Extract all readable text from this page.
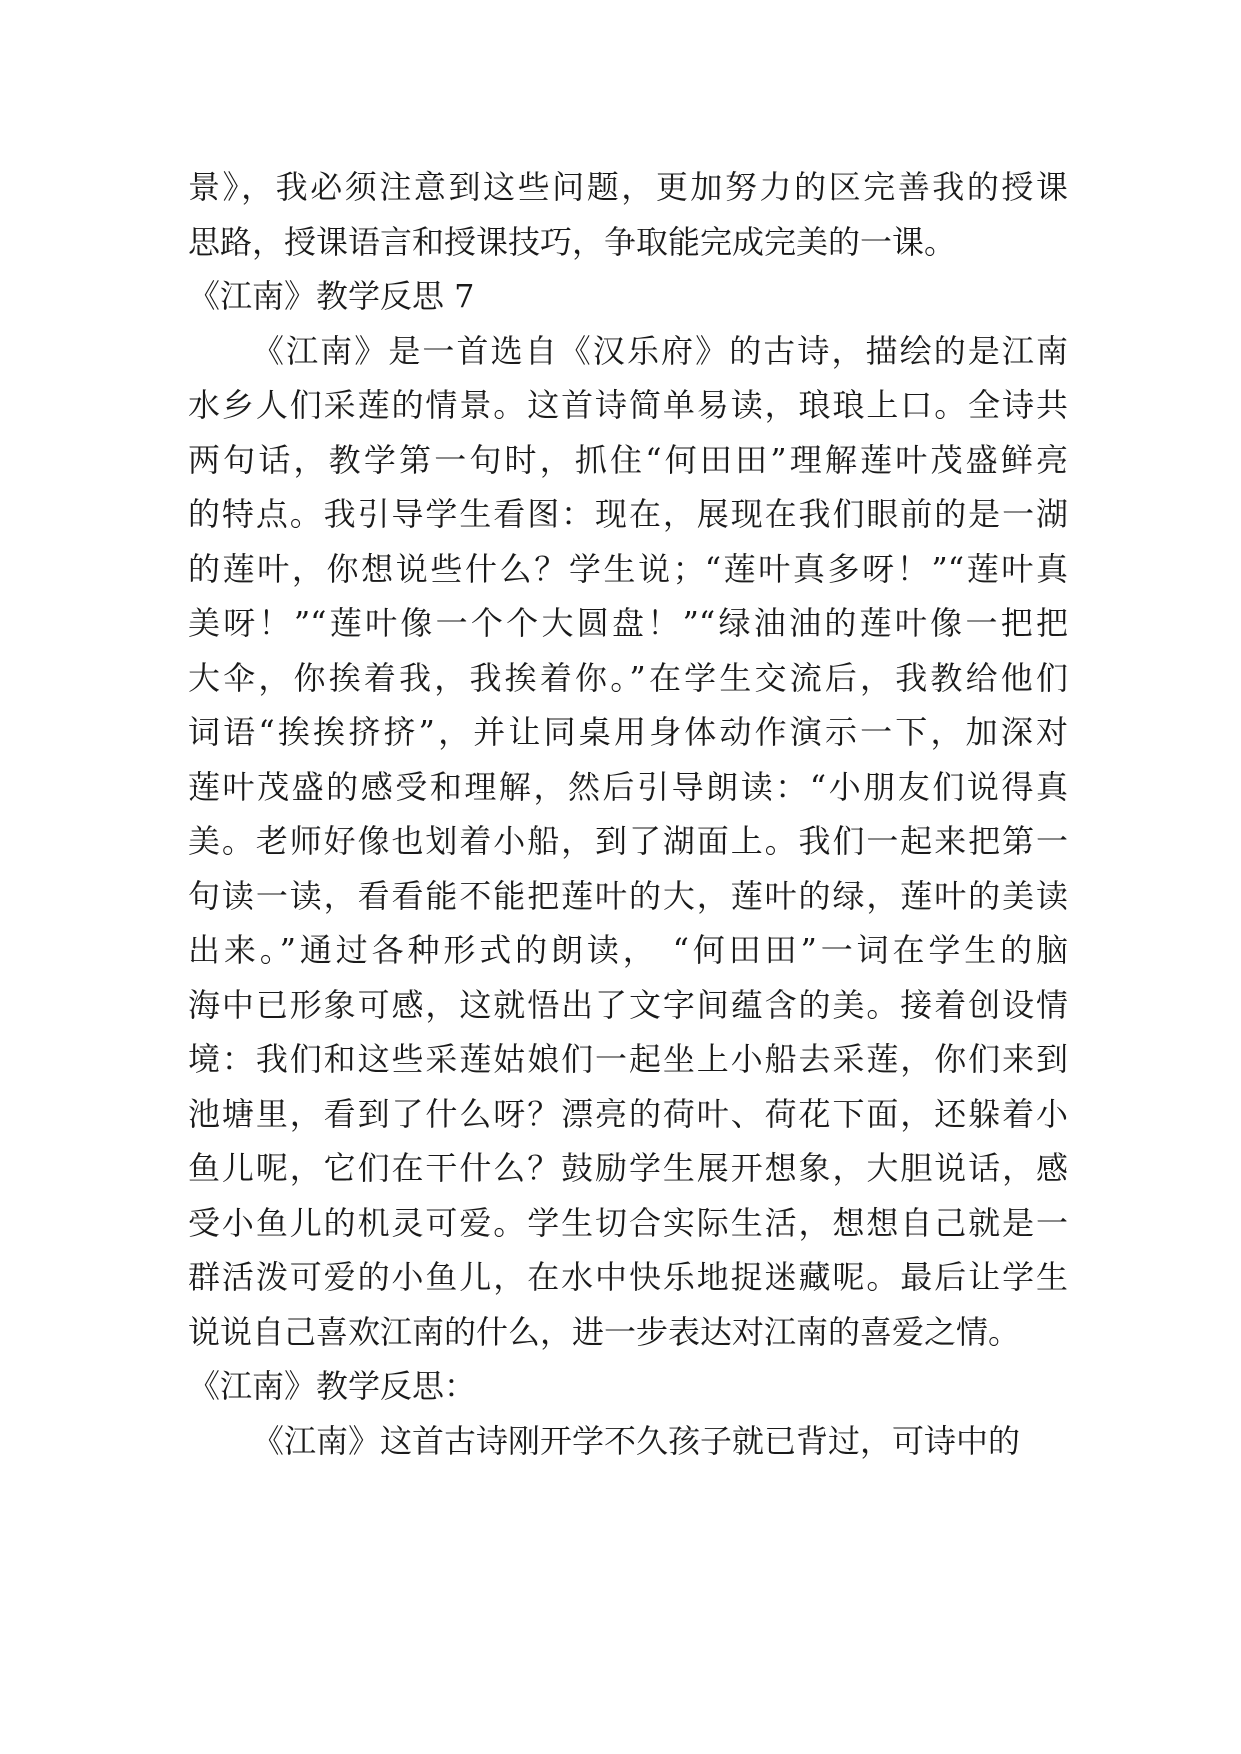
景》，我必须注意到这些问题，更加努力的区完善我的授课
思路，授课语言和授课技巧，争取能完成完美的一课。
《江南》教学反思 7
《江南》是一首选自《汉乐府》的古诗，描绘的是江南
水乡人们采莲的情景。这首诗简单易读，琅琅上口。全诗共
两句话，教学第一句时，抓住“何田田”理解莲叶茂盛鲜亮
的特点。我引导学生看图：现在，展现在我们眼前的是一湖
的莲叶，你想说些什么？学生说；“莲叶真多呀！”“莲叶真
美呀！”“莲叶像一个个大圆盘！”“绿油油的莲叶像一把把
大伞，你挨着我，我挨着你。”在学生交流后，我教给他们
词语“挨挨挤挤”，并让同桌用身体动作演示一下，加深对
莲叶茂盛的感受和理解，然后引导朗读：“小朋友们说得真
美。老师好像也划着小船，到了湖面上。我们一起来把第一
句读一读，看看能不能把莲叶的大，莲叶的绿，莲叶的美读
出来。”通过各种形式的朗读， “何田田”一词在学生的脑
海中已形象可感，这就悟出了文字间蕴含的美。接着创设情
境：我们和这些采莲姑娘们一起坐上小船去采莲，你们来到
池塘里，看到了什么呀？漂亮的荷叶、荷花下面，还躲着小
鱼儿呢，它们在干什么？鼓励学生展开想象，大胆说话，感
受小鱼儿的机灵可爱。学生切合实际生活，想想自己就是一
群活泼可爱的小鱼儿，在水中快乐地捉迷藏呢。最后让学生
说说自己喜欢江南的什么，进一步表达对江南的喜爱之情。
《江南》教学反思：
《江南》这首古诗刚开学不久孩子就已背过，可诗中的
